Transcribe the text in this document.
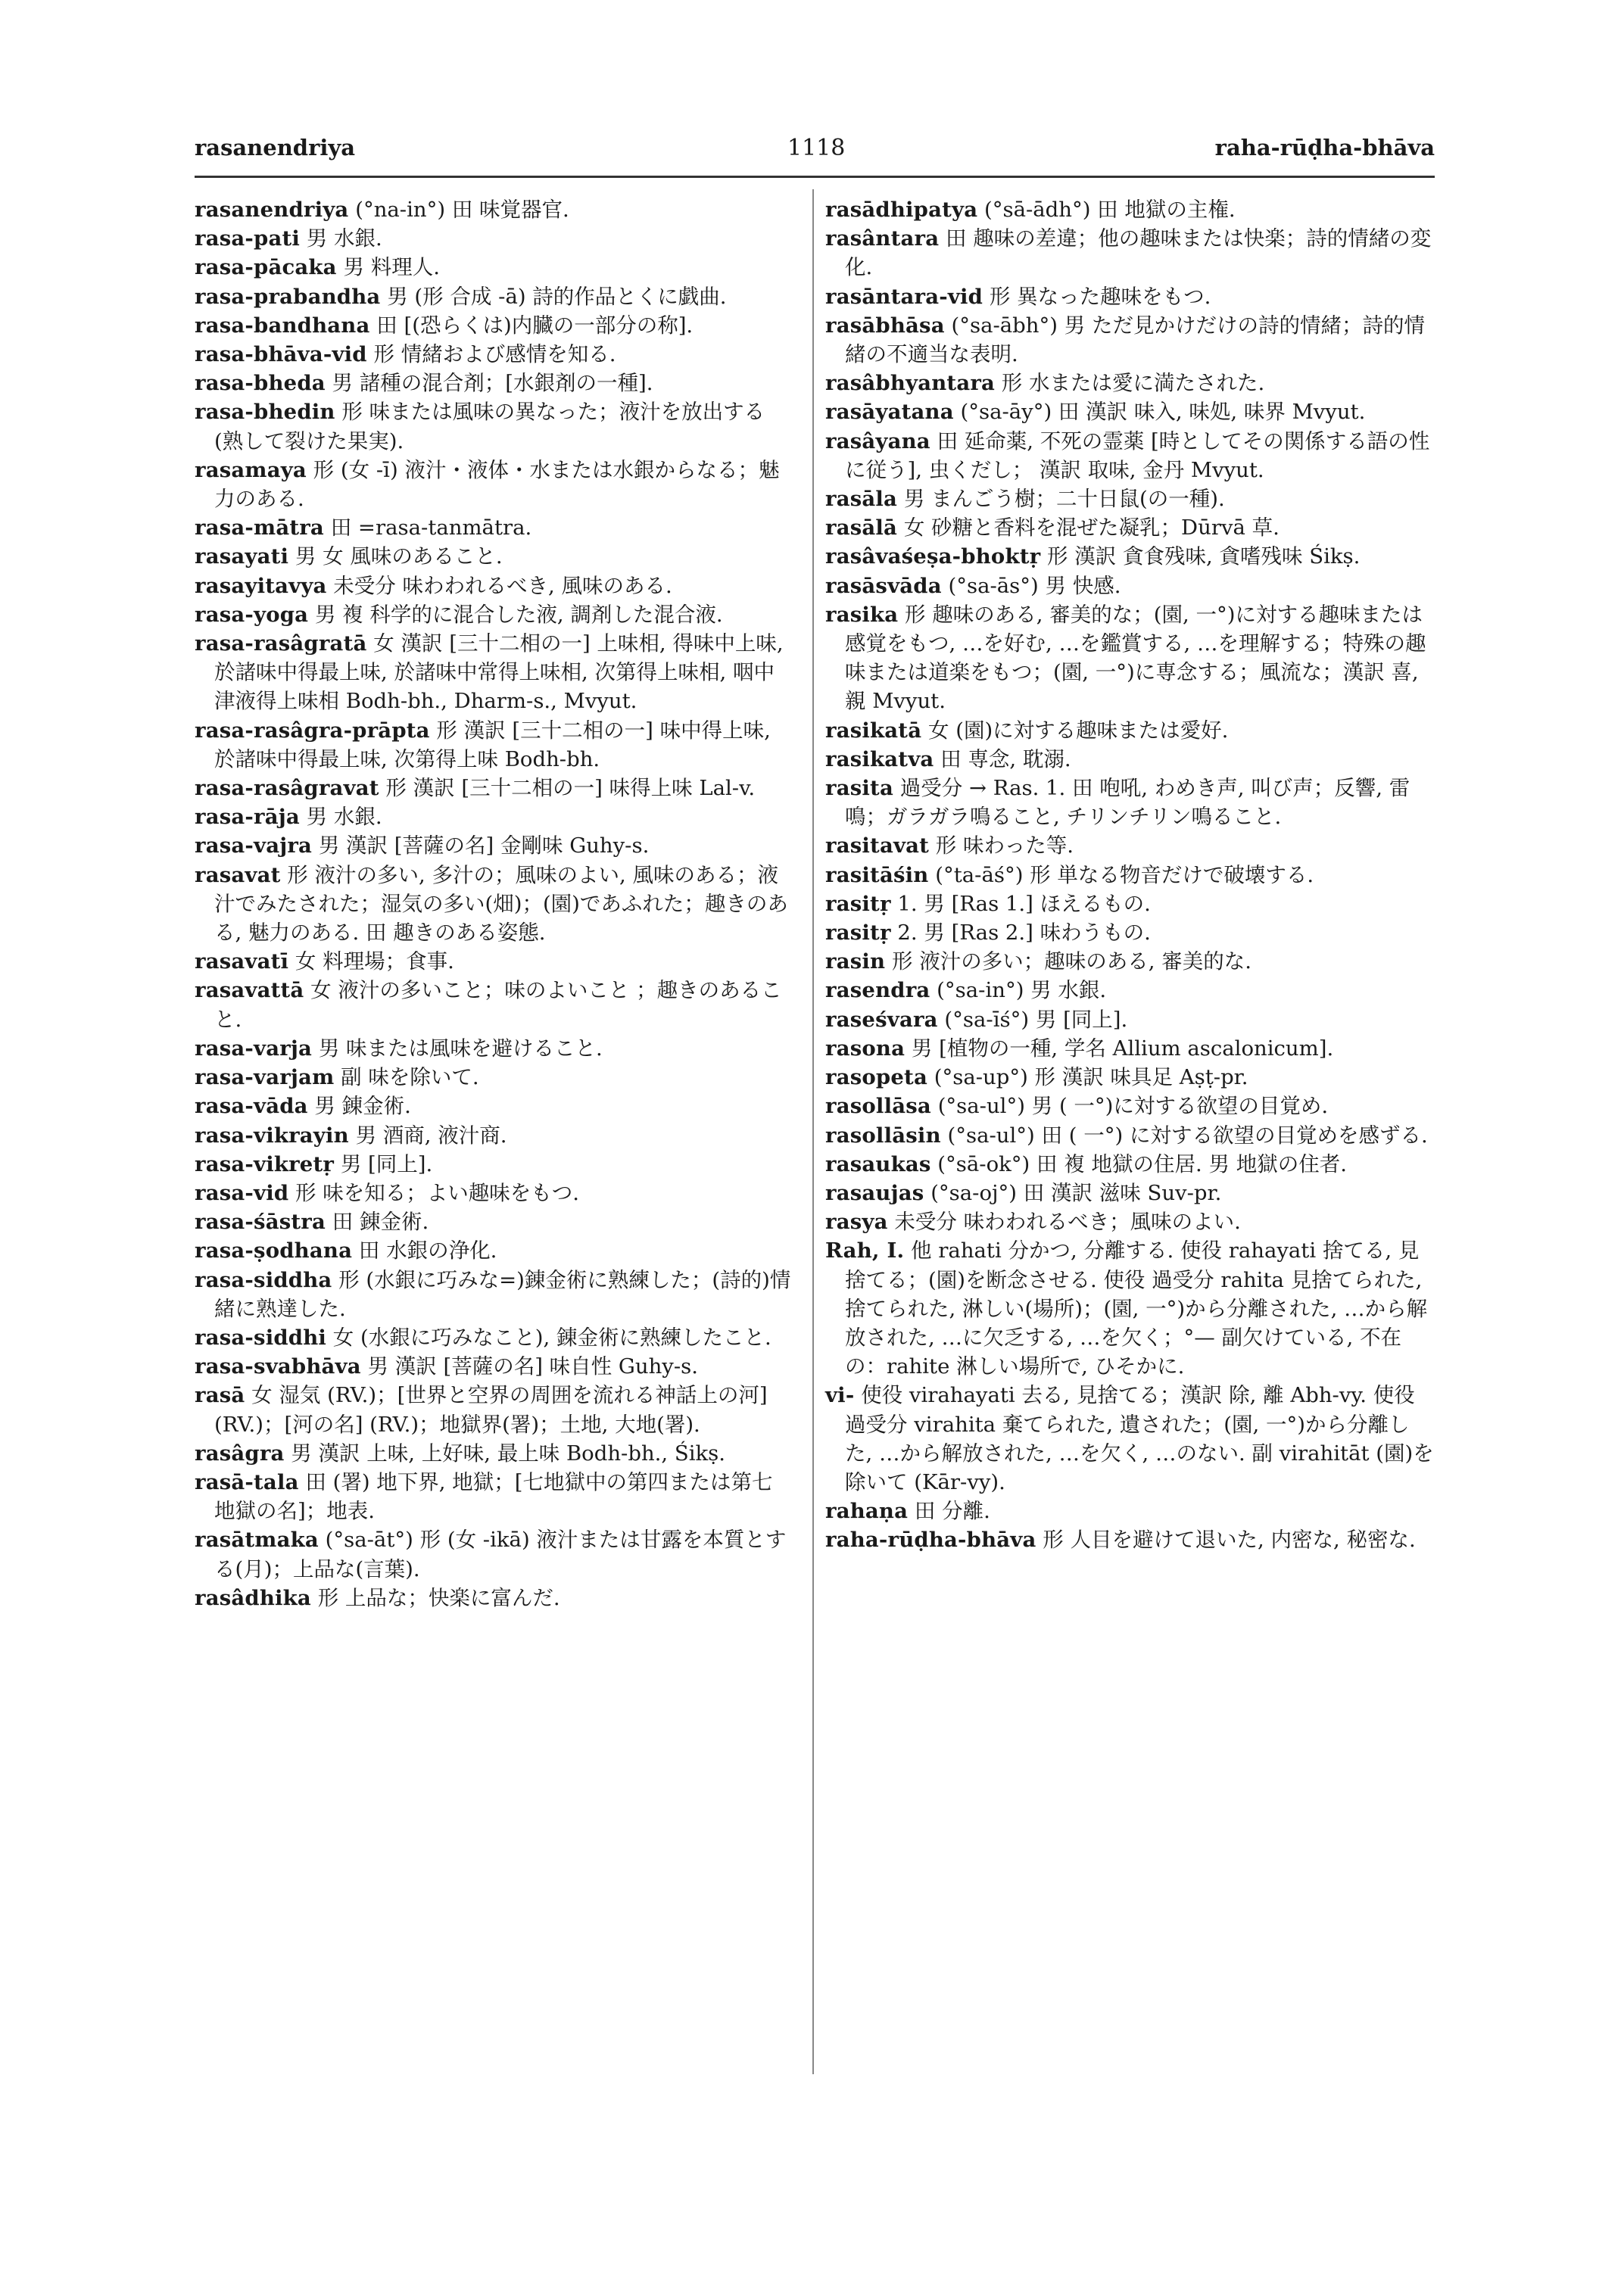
rasanendriya	1118	raha-rūḍha-bhāva

rasanendriya (°na-in°) 田 味覚器官.

rasa-pati 男 水銀.

rasa-pācaka 男 料理人.

rasa-prabandha 男 (形 合成 -ā) 詩的作品とくに戯曲.

rasa-bandhana 田 [(恐らくは)内臓の一部分の称].

rasa-bhāva-vid 形 情緒および感情を知る.

rasa-bheda 男 諸種の混合剤；[水銀剤の一種].

rasa-bhedin 形 味または風味の異なった；液汁を放出する(熟して裂けた果実).

rasamaya 形 (女 -ī) 液汁・液体・水または水銀からなる；魅力のある.

rasa-mātra 田 =rasa-tanmātra.

rasayati 男 女 風味のあること.

rasayitavya 未受分 味わわれるべき, 風味のある.

rasa-yoga 男 複 科学的に混合した液, 調剤した混合液.

rasa-rasâgratā 女 漢訳 [三十二相の一] 上味相, 得味中上味, 於諸味中得最上味, 於諸味中常得上味相, 次第得上味相, 咽中津液得上味相 Bodh-bh., Dharm-s., Mvyut.

rasa-rasâgra-prāpta 形 漢訳 [三十二相の一] 味中得上味, 於諸味中得最上味, 次第得上味 Bodh-bh.

rasa-rasâgravat 形 漢訳 [三十二相の一] 味得上味 Lal-v.

rasa-rāja 男 水銀.

rasa-vajra 男 漢訳 [菩薩の名] 金剛味 Guhy-s.

rasavat 形 液汁の多い, 多汁の；風味のよい, 風味のある；液汁でみたされた；湿気の多い(畑)；(園)であふれた；趣きのある, 魅力のある. 田 趣きのある姿態.

rasavatī 女 料理場；食事.

rasavattā 女 液汁の多いこと；味のよいこと ；趣きのあること.

rasa-varja 男 味または風味を避けること.

rasa-varjam 副 味を除いて.

rasa-vāda 男 錬金術.

rasa-vikrayin 男 酒商, 液汁商.

rasa-vikretṛ 男 [同上].

rasa-vid 形 味を知る；よい趣味をもつ.

rasa-śāstra 田 錬金術.

rasa-ṣodhana 田 水銀の浄化.

rasa-siddha 形 (水銀に巧みな=)錬金術に熟練した；(詩的)情緒に熟達した.

rasa-siddhi 女 (水銀に巧みなこと), 錬金術に熟練したこと.

rasa-svabhāva 男 漢訳 [菩薩の名] 味自性 Guhy-s.

rasā 女 湿気 (RV.)；[世界と空界の周囲を流れる神話上の河] (RV.)；[河の名] (RV.)；地獄界(署)；土地, 大地(署).

rasâgra 男 漢訳 上味, 上好味, 最上味 Bodh-bh., Śikṣ.

rasā-tala 田 (署) 地下界, 地獄；[七地獄中の第四または第七地獄の名]；地表.

rasātmaka (°sa-āt°) 形 (女 -ikā) 液汁または甘露を本質とする(月)；上品な(言葉).

rasâdhika 形 上品な；快楽に富んだ.

rasādhipatya (°sā-ādh°) 田 地獄の主権.

rasântara 田 趣味の差違；他の趣味または快楽；詩的情緒の変化.

rasāntara-vid 形 異なった趣味をもつ.

rasābhāsa (°sa-ābh°) 男 ただ見かけだけの詩的情緒；詩的情緒の不適当な表明.

rasâbhyantara 形 水または愛に満たされた.

rasāyatana (°sa-āy°) 田 漢訳 味入, 味処, 味界 Mvyut.

rasâyana 田 延命薬, 不死の霊薬 [時としてその関係する語の性に従う], 虫くだし； 漢訳 取味, 金丹 Mvyut.

rasāla 男 まんごう樹；二十日鼠(の一種).

rasālā 女 砂糖と香料を混ぜた凝乳；Dūrvā 草.

rasâvaśeṣa-bhoktṛ 形 漢訳 貪食残味, 貪嗜残味 Śikṣ.

rasāsvāda (°sa-ās°) 男 快感.

rasika 形 趣味のある, 審美的な；(園, 一°)に対する趣味または感覚をもつ, …を好む, …を鑑賞する, …を理解する；特殊の趣味または道楽をもつ；(園, 一°)に専念する；風流な；漢訳 喜, 親 Mvyut.

rasikatā 女 (園)に対する趣味または愛好.

rasikatva 田 専念, 耽溺.

rasita 過受分 → Ras. 1. 田 咆吼, わめき声, 叫び声；反響, 雷鳴；ガラガラ鳴ること, チリンチリン鳴ること.

rasitavat 形 味わった等.

rasitāśin (°ta-āś°) 形 単なる物音だけで破壊する.

rasitṛ 1. 男 [Ras 1.] ほえるもの.

rasitṛ 2. 男 [Ras 2.] 味わうもの.

rasin 形 液汁の多い；趣味のある, 審美的な.

rasendra (°sa-in°) 男 水銀.

raseśvara (°sa-īś°) 男 [同上].

rasona 男 [植物の一種, 学名 Allium ascalonicum].

rasopeta (°sa-up°) 形 漢訳 味具足 Aṣṭ-pr.

rasollāsa (°sa-ul°) 男 ( 一°)に対する欲望の目覚め.

rasollāsin (°sa-ul°) 田 ( 一°) に対する欲望の目覚めを感ずる.

rasaukas (°sā-ok°) 田 複 地獄の住居. 男 地獄の住者.

rasaujas (°sa-oj°) 田 漢訳 滋味 Suv-pr.

rasya 未受分 味わわれるべき；風味のよい.

Rah, I. 他 rahati 分かつ, 分離する. 使役 rahayati 捨てる, 見捨てる；(園)を断念させる. 使役 過受分 rahita 見捨てられた, 捨てられた, 淋しい(場所)；(園, 一°)から分離された, …から解放された, …に欠乏する, …を欠く；°— 副欠けている, 不在の：rahite 淋しい場所で, ひそかに.

vi- 使役 virahayati 去る, 見捨てる；漢訳 除, 離 Abh-vy. 使役 過受分 virahita 棄てられた, 遺された；(園, 一°)から分離した, …から解放された, …を欠く, …のない. 副 virahitāt (園)を除いて (Kār-vy).

rahaṇa 田 分離.

raha-rūḍha-bhāva 形 人目を避けて退いた, 内密な, 秘密な.
